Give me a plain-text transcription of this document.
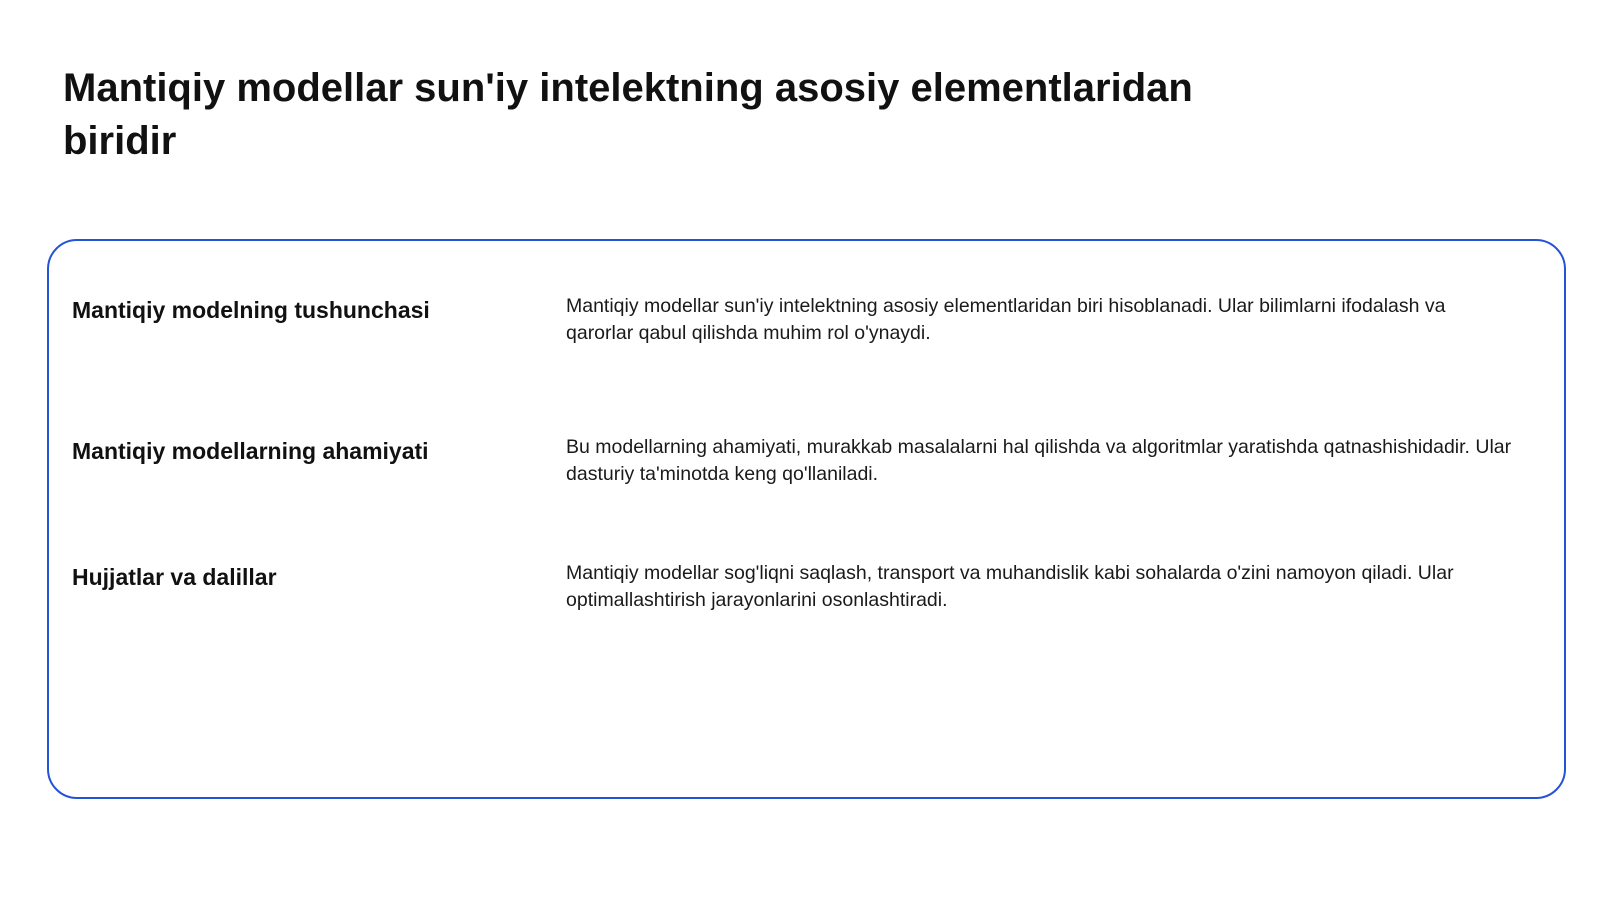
Mantiqiy modellar sun'iy intelektning asosiy elementlaridan biridir
Mantiqiy modelning tushunchasi	Mantiqiy modellar sun'iy intelektning asosiy elementlaridan biri hisoblanadi. Ular bilimlarni ifodalash va qarorlar qabul qilishda muhim rol o'ynaydi.

Mantiqiy modellarning ahamiyati	Bu modellarning ahamiyati, murakkab masalalarni hal qilishda va algoritmlar yaratishda qatnashishidadir. Ular dasturiy ta'minotda keng qo'llaniladi.

Hujjatlar va dalillar	Mantiqiy modellar sog'liqni saqlash, transport va muhandislik kabi sohalarda o'zini namoyon qiladi. Ular optimallashtirish jarayonlarini osonlashtiradi.
